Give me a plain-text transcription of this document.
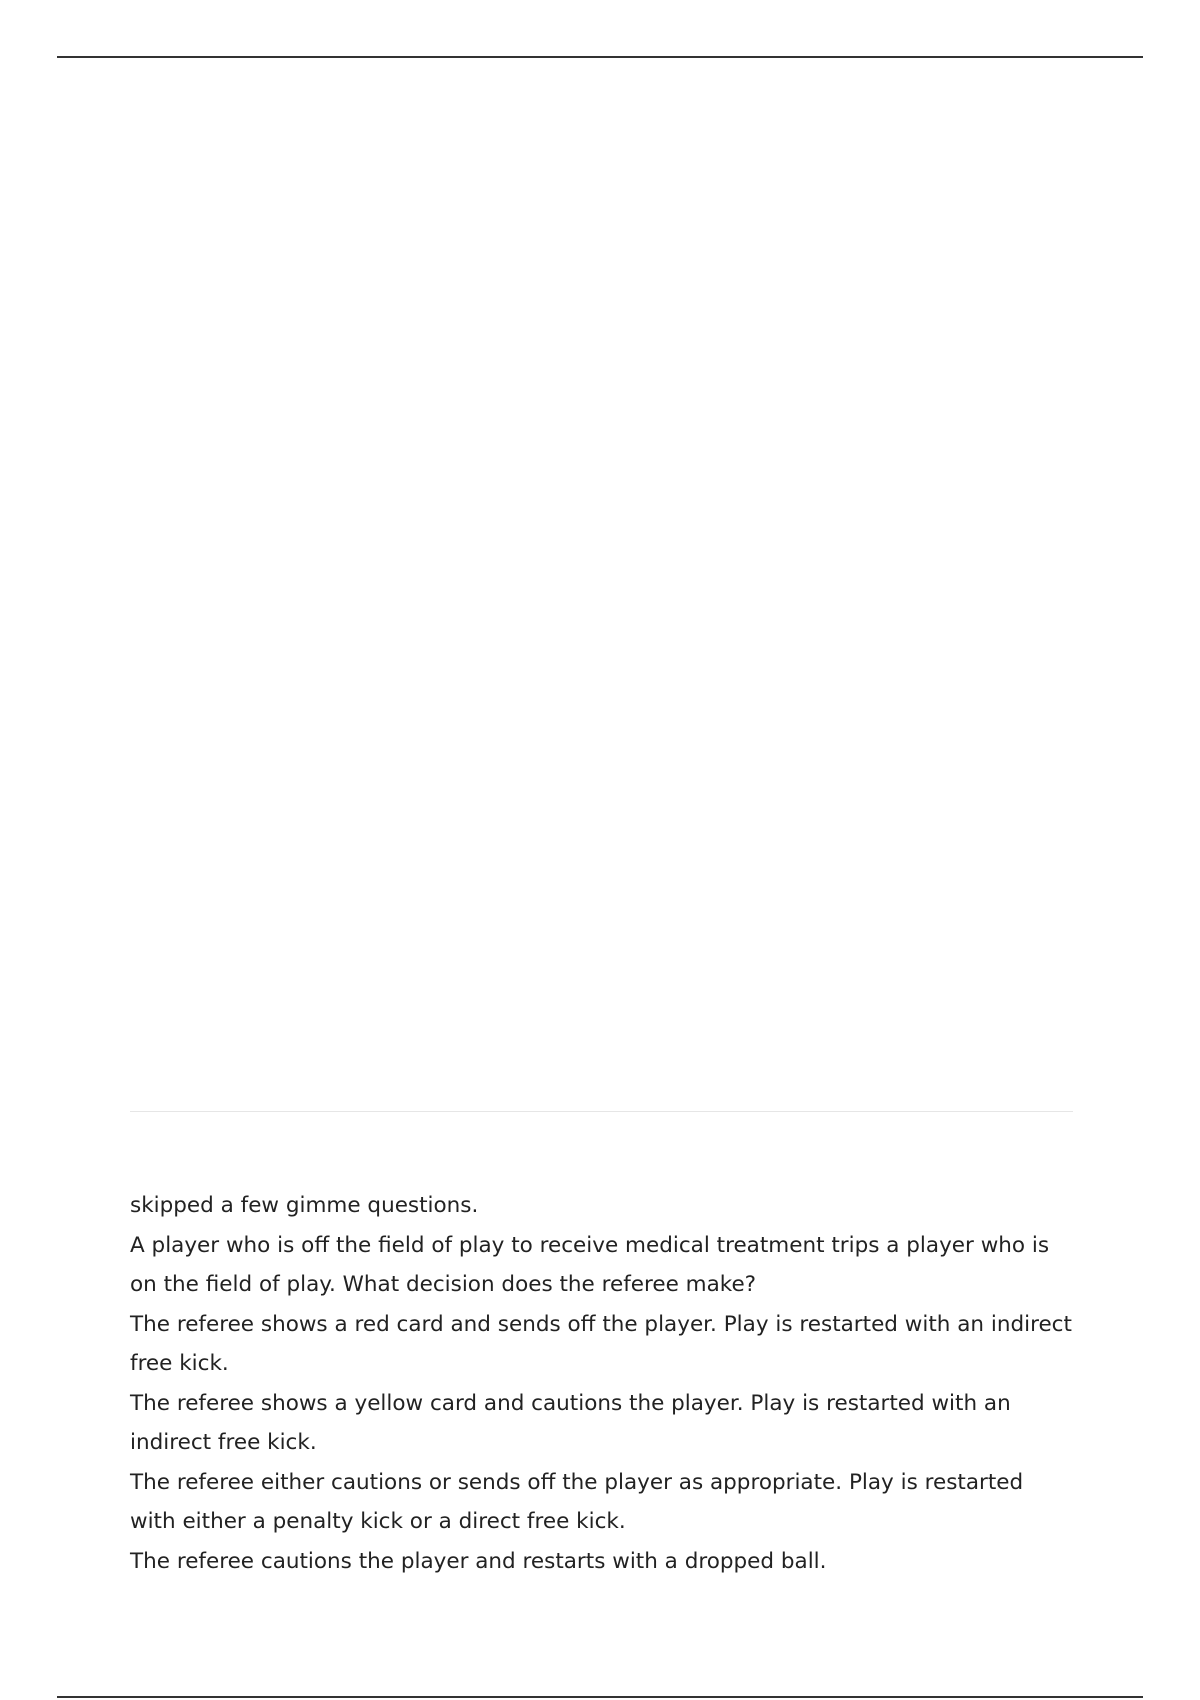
skipped a few gimme questions.

A player who is off the field of play to receive medical treatment trips a player who is on the field of play. What decision does the referee make?

The referee shows a red card and sends off the player. Play is restarted with an indirect free kick.

The referee shows a yellow card and cautions the player. Play is restarted with an indirect free kick.

The referee either cautions or sends off the player as appropriate. Play is restarted with either a penalty kick or a direct free kick.

The referee cautions the player and restarts with a dropped ball.
